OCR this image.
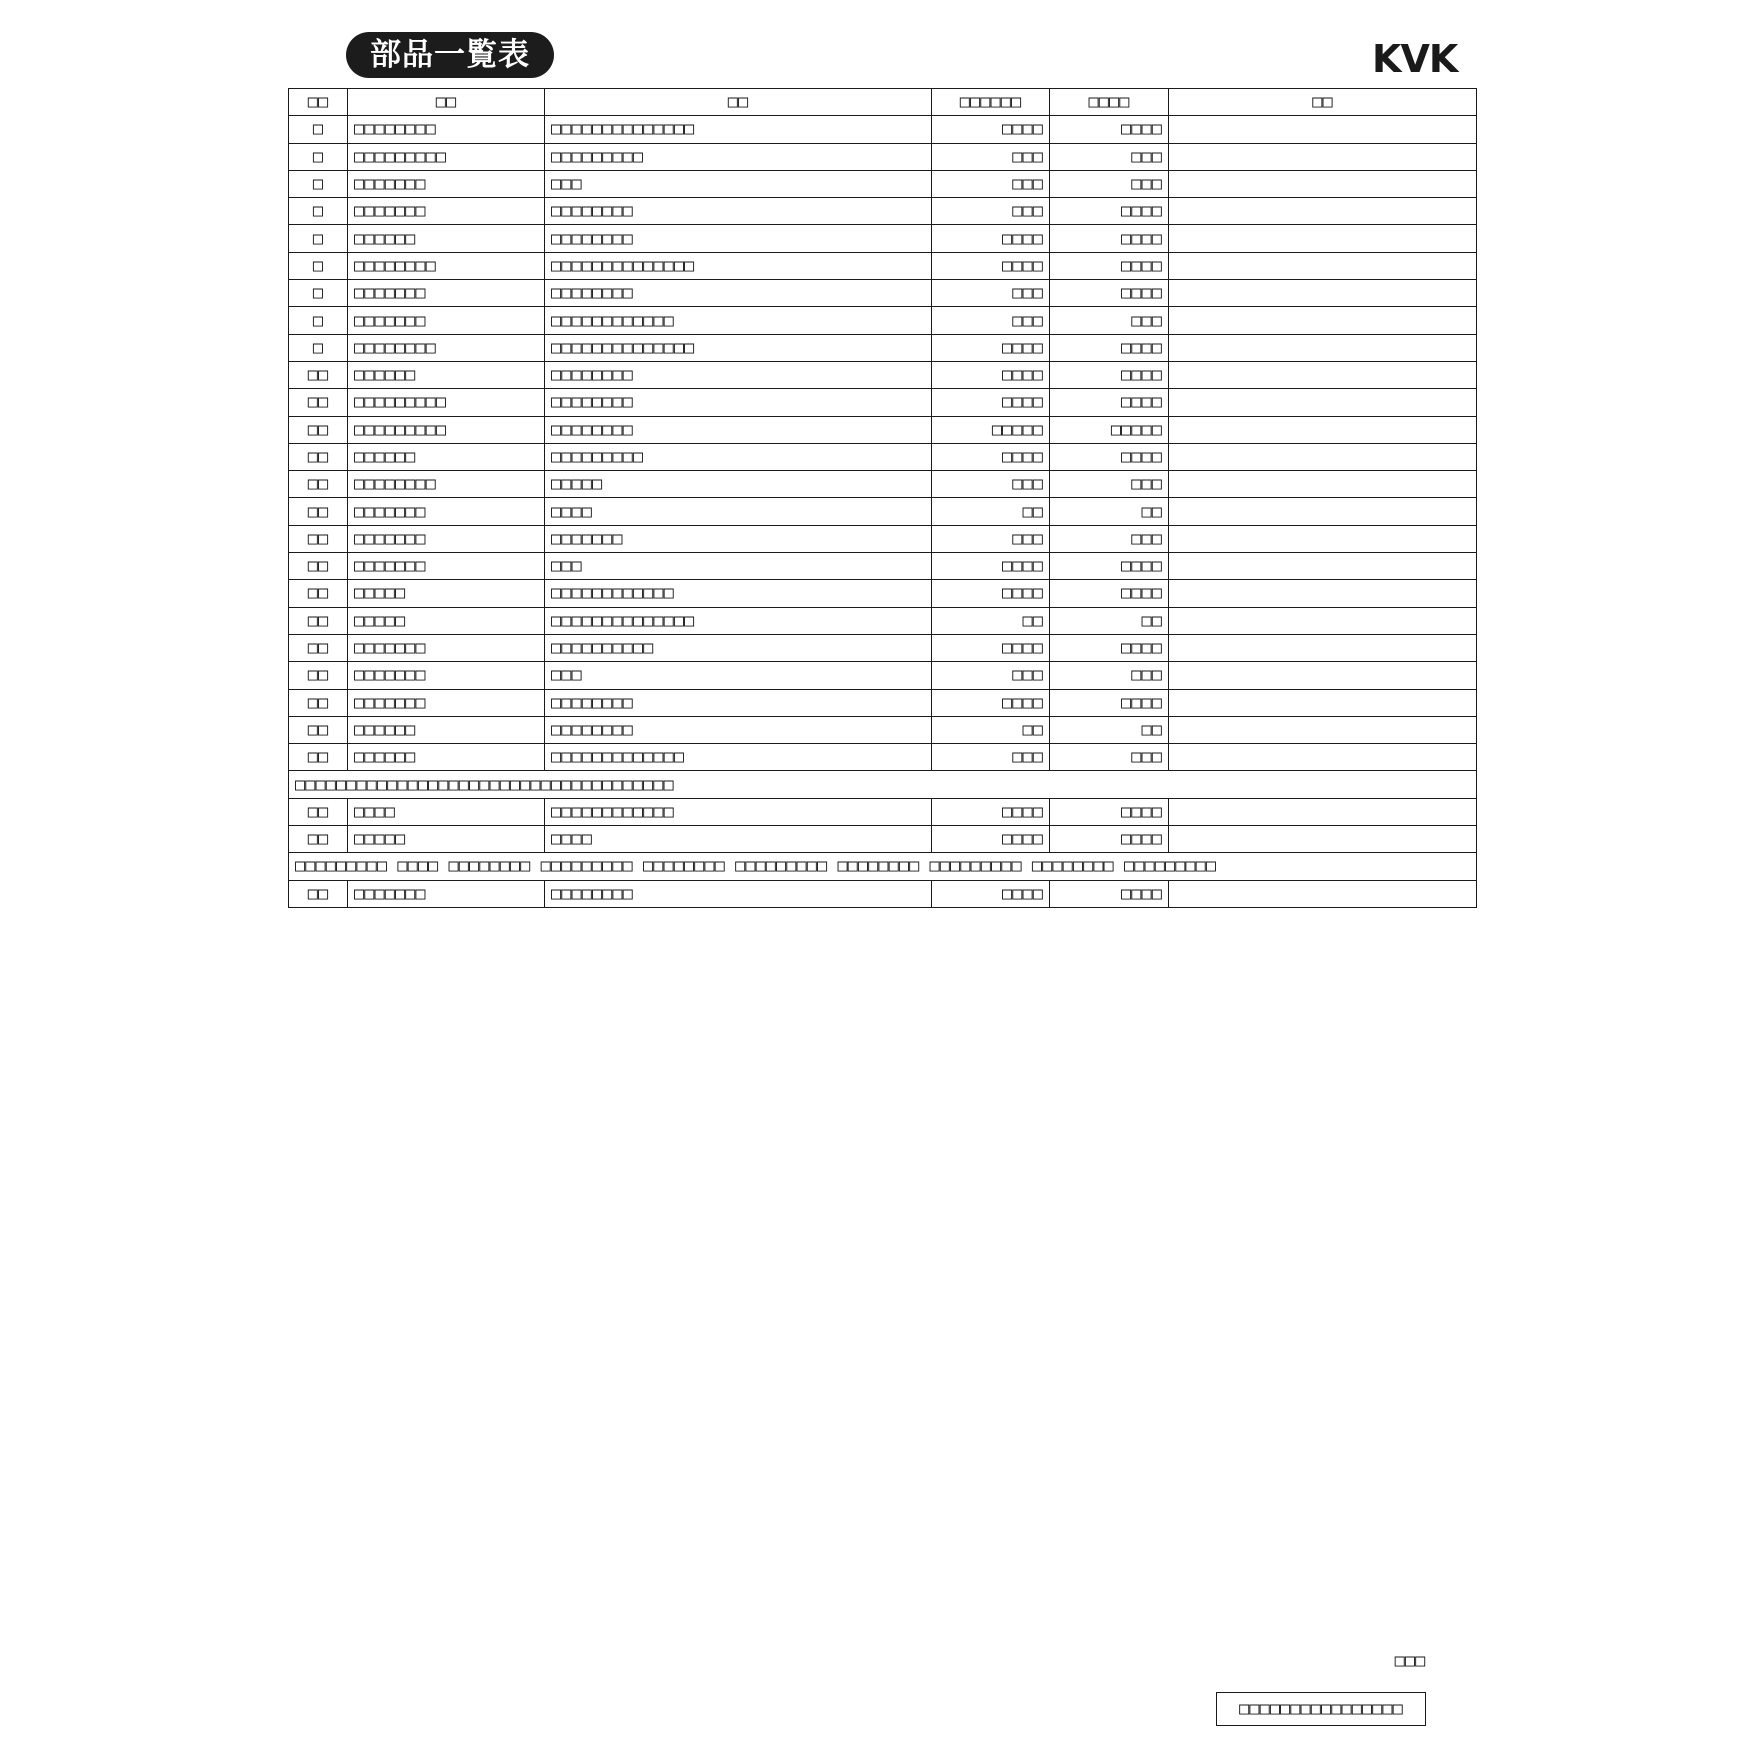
部品一覧表	KVK
□□	□□	□□	□□□□□□	□□□□	□□
□	□□□□□□□□	□□□□□□□□□□□□□□	□□□□	□□□□	
□	□□□□□□□□□	□□□□□□□□□	□□□	□□□	
□	□□□□□□□	□□□	□□□	□□□	
□	□□□□□□□	□□□□□□□□	□□□	□□□□	
□	□□□□□□	□□□□□□□□	□□□□	□□□□	
□	□□□□□□□□	□□□□□□□□□□□□□□	□□□□	□□□□	
□	□□□□□□□	□□□□□□□□	□□□	□□□□	
□	□□□□□□□	□□□□□□□□□□□□	□□□	□□□	
□	□□□□□□□□	□□□□□□□□□□□□□□	□□□□	□□□□	
□□	□□□□□□	□□□□□□□□	□□□□	□□□□	
□□	□□□□□□□□□	□□□□□□□□	□□□□	□□□□	
□□	□□□□□□□□□	□□□□□□□□	□□□□□	□□□□□	
□□	□□□□□□	□□□□□□□□□	□□□□	□□□□	
□□	□□□□□□□□	□□□□□	□□□	□□□	
□□	□□□□□□□	□□□□	□□	□□	
□□	□□□□□□□	□□□□□□□	□□□	□□□	
□□	□□□□□□□	□□□	□□□□	□□□□	
□□	□□□□□	□□□□□□□□□□□□	□□□□	□□□□	
□□	□□□□□	□□□□□□□□□□□□□□	□□	□□	
□□	□□□□□□□	□□□□□□□□□□	□□□□	□□□□	
□□	□□□□□□□	□□□	□□□	□□□	
□□	□□□□□□□	□□□□□□□□	□□□□	□□□□	
□□	□□□□□□	□□□□□□□□	□□	□□	
□□	□□□□□□	□□□□□□□□□□□□□	□□□	□□□	
□□□□□□□□□□□□□□□□□□□□□□□□□□□□□□□□□□□□□					
□□	□□□□	□□□□□□□□□□□□	□□□□	□□□□	
□□	□□□□□	□□□□	□□□□	□□□□	
□□□□□□□□□ □□□□ □□□□□□□□ □□□□□□□□□ □□□□□□□□ □□□□□□□□□ □□□□□□□□ □□□□□□□□□ □□□□□□□□ □□□□□□□□□					
□□	□□□□□□□	□□□□□□□□	□□□□	□□□□	
□□□
□□□□□□□□□□□□□□□□
